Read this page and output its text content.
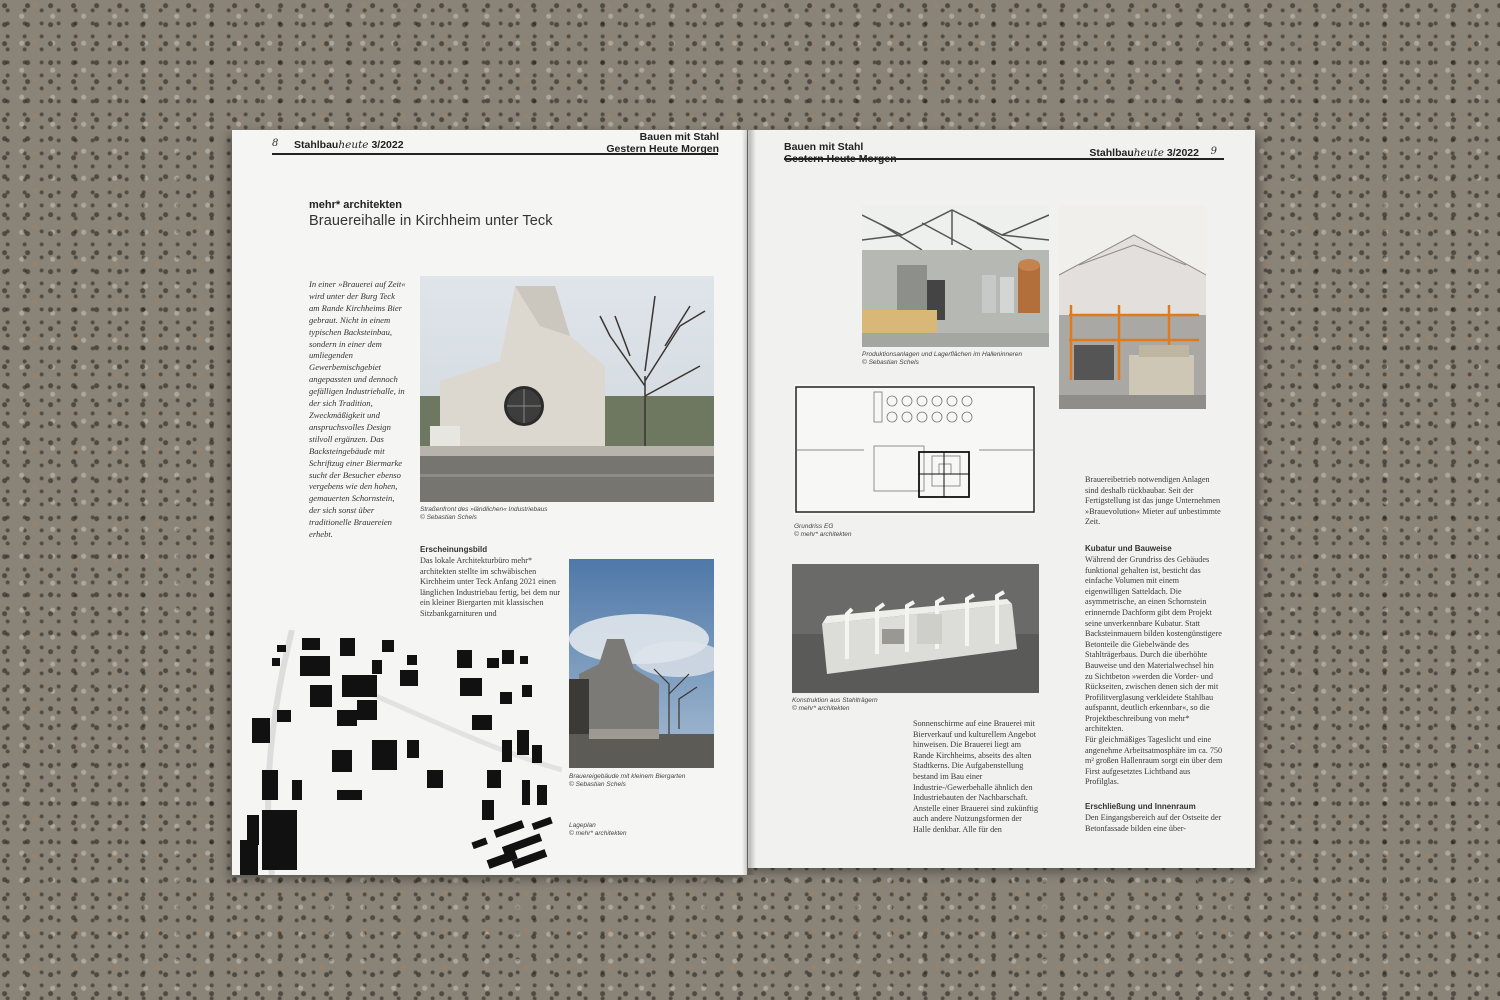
8 Stahlbauheute 3/2022
Bauen mit Stahl
Gestern Heute Morgen
mehr* architekten
Brauereihalle in Kirchheim unter Teck
In einer »Brauerei auf Zeit« wird unter der Burg Teck am Rande Kirchheims Bier gebraut. Nicht in einem typischen Backsteinbau, sondern in einer dem umliegenden Gewerbemischgebiet angepassten und dennoch gefälligen Industriehalle, in der sich Tradition, Zweckmäßigkeit und anspruchsvolles Design stilvoll ergänzen. Das Backsteingebäude mit Schriftzug einer Biermarke sucht der Besucher ebenso vergebens wie den hohen, gemauerten Schornstein, der sich sonst über traditionelle Brauereien erhebt.
Straßenfront des »ländlichen« Industriebaus
© Sebastian Schels
Erscheinungsbild
Das lokale Architekturbüro mehr* architekten stellte im schwäbischen Kirchheim unter Teck Anfang 2021 einen länglichen Industriebau fertig, bei dem nur ein kleiner Biergarten mit klassischen Sitzbankgarnituren und
Brauereigebäude mit kleinem Biergarten
© Sebastian Schels
Lageplan
© mehr* architekten
Bauen mit Stahl
Gestern Heute Morgen	Stahlbauheute 3/2022 9
Produktionsanlagen und Lagerflächen im Halleninneren
© Sebastian Schels
Grundriss EG
© mehr* architekten
Konstruktion aus Stahlträgern
© mehr* architekten
Sonnenschirme auf eine Brauerei mit Bierverkauf und kulturellem Angebot hinweisen. Die Brauerei liegt am Rande Kirchheims, abseits des alten Stadtkerns. Die Aufgabenstellung bestand im Bau einer Industrie-/Gewerbehalle ähnlich den Industriebauten der Nachbarschaft. Anstelle einer Brauerei sind zukünftig auch andere Nutzungsformen der Halle denkbar. Alle für den
Brauereibetrieb notwendigen Anlagen sind deshalb rückbaubar. Seit der Fertigstellung ist das junge Unternehmen »Brauevolution« Mieter auf unbestimmte Zeit.
Kubatur und Bauweise
Während der Grundriss des Gebäudes funktional gehalten ist, besticht das einfache Volumen mit einem eigenwilligen Satteldach. Die asymmetrische, an einen Schornstein erinnernde Dachform gibt dem Projekt seine unverkennbare Kubatur. Statt Backsteinmauern bilden kostengünstigere Betonteile die Giebelwände des Stahlträgerbaus. Durch die überhöhte Bauweise und den Materialwechsel hin zu Sichtbeton »werden die Vorder- und Rückseiten, zwischen denen sich der mit Profilitverglasung verkleidete Stahlbau aufspannt, deutlich erkennbar«, so die Projektbeschreibung von mehr* architekten.
Für gleichmäßiges Tageslicht und eine angenehme Arbeitsatmosphäre im ca. 750 m² großen Hallenraum sorgt ein über dem First aufgesetztes Lichtband aus Profilglas.
Erschließung und Innenraum
Den Eingangsbereich auf der Ostseite der Betonfassade bilden eine über-
